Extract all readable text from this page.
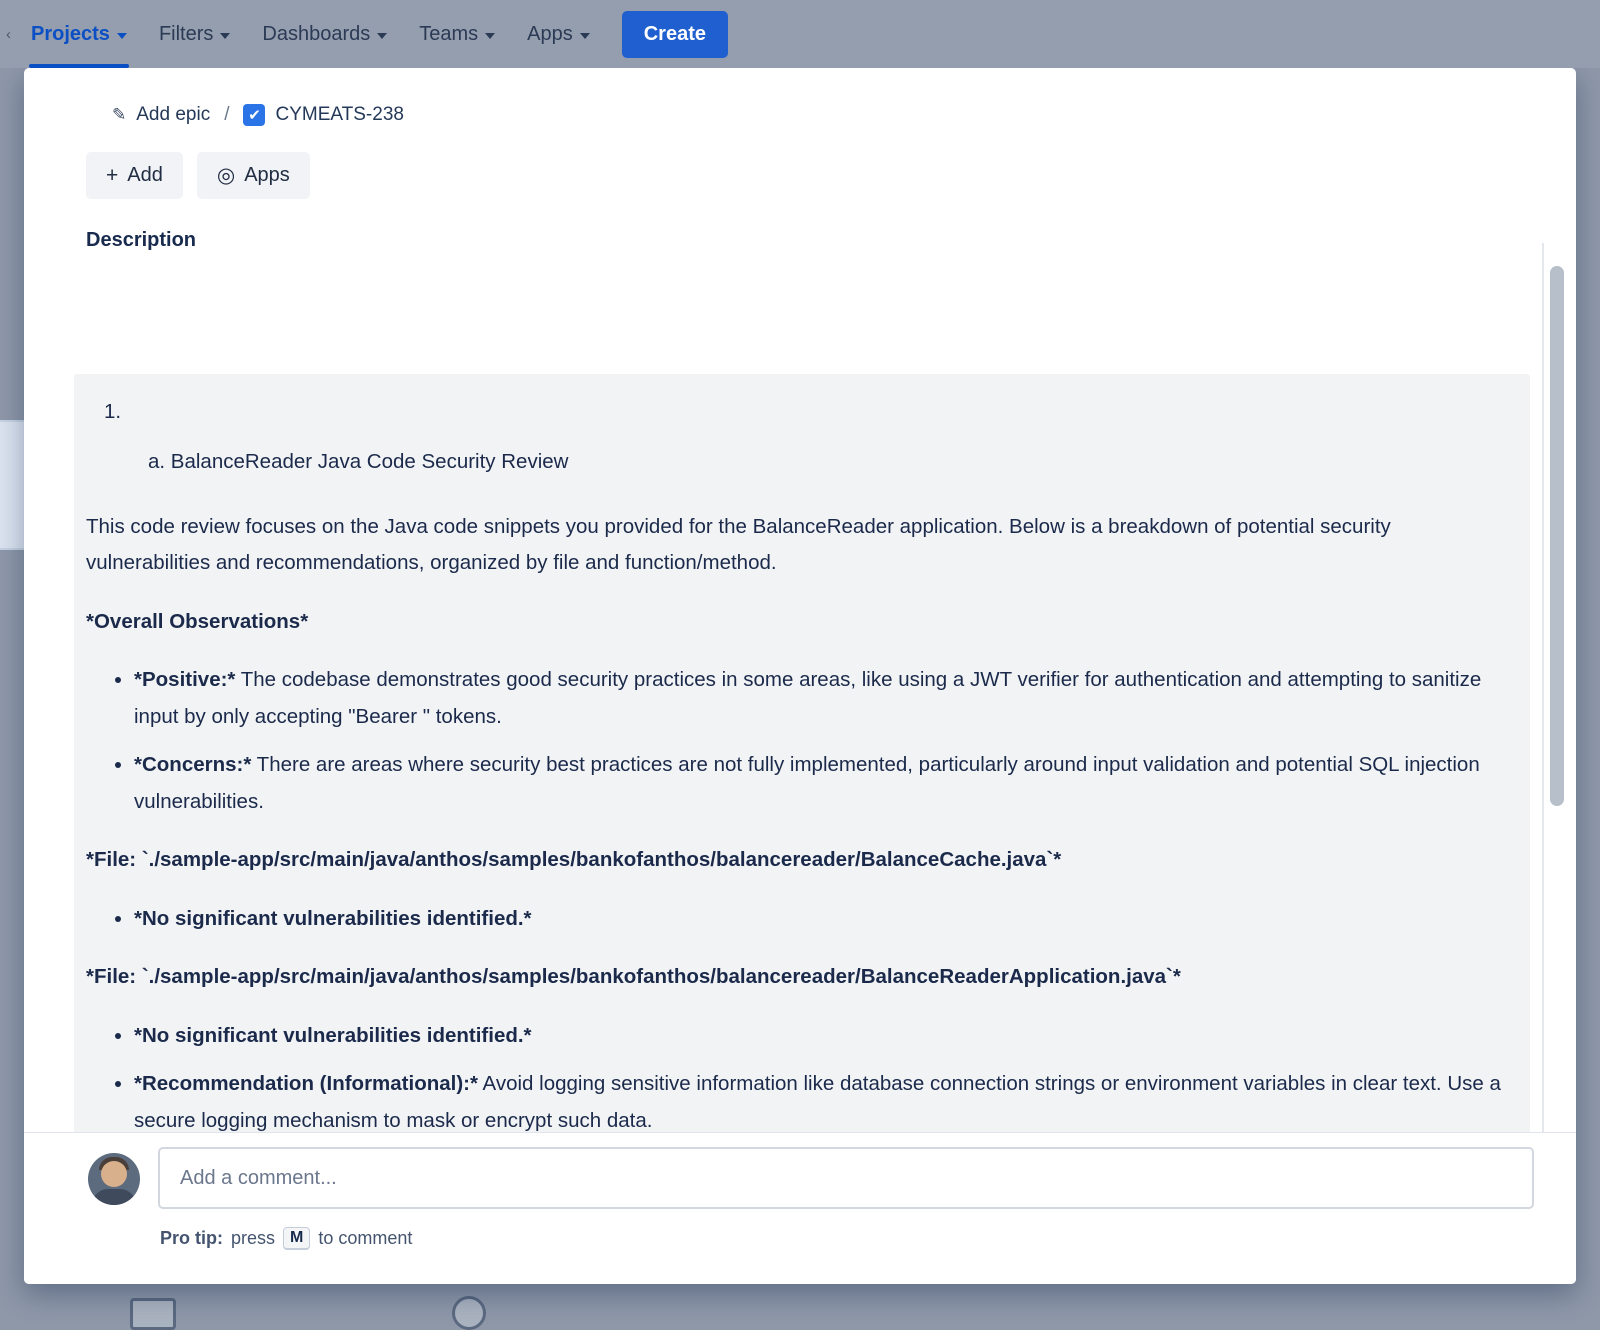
‹ Projects Filters Dashboards Teams Apps	Create
✎ Add epic /	✔ CYMEATS-238
+ Add	◎ Apps
Description
1.
a. BalanceReader Java Code Security Review

This code review focuses on the Java code snippets you provided for the BalanceReader application. Below is a breakdown of potential security vulnerabilities and recommendations, organized by file and function/method.

*Overall Observations*

• *Positive:* The codebase demonstrates good security practices in some areas, like using a JWT verifier for authentication and attempting to sanitize input by only accepting "Bearer " tokens.
• *Concerns:* There are areas where security best practices are not fully implemented, particularly around input validation and potential SQL injection vulnerabilities.

*File: `./sample-app/src/main/java/anthos/samples/bankofanthos/balancereader/BalanceCache.java`*

• *No significant vulnerabilities identified.*

*File: `./sample-app/src/main/java/anthos/samples/bankofanthos/balancereader/BalanceReaderApplication.java`*

• *No significant vulnerabilities identified.*
• *Recommendation (Informational):* Avoid logging sensitive information like database connection strings or environment variables in clear text. Use a secure logging mechanism to mask or encrypt such data.

Add a comment...
Pro tip: press M to comment
